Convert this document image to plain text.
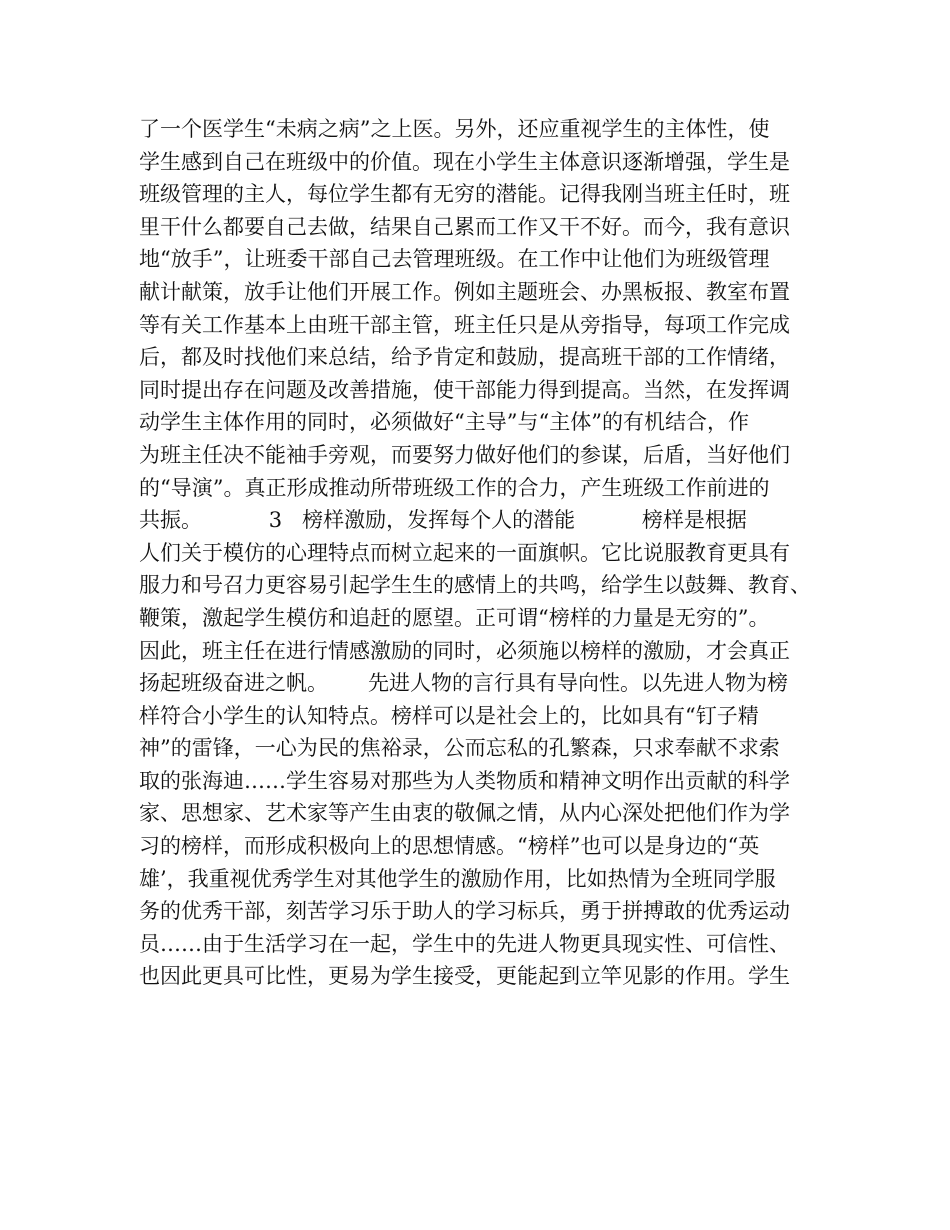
了一个医学生“未病之病”之上医。另外，还应重视学生的主体性，使
学生感到自己在班级中的价值。现在小学生主体意识逐渐增强，学生是
班级管理的主人，每位学生都有无穷的潜能。记得我刚当班主任时，班
里干什么都要自己去做，结果自己累而工作又干不好。而今，我有意识
地“放手”，让班委干部自己去管理班级。在工作中让他们为班级管理
献计献策，放手让他们开展工作。例如主题班会、办黑板报、教室布置
等有关工作基本上由班干部主管，班主任只是从旁指导，每项工作完成
后，都及时找他们来总结，给予肯定和鼓励，提高班干部的工作情绪，
同时提出存在问题及改善措施，使干部能力得到提高。当然，在发挥调
动学生主体作用的同时，必须做好“主导”与“主体”的有机结合，作
为班主任决不能袖手旁观，而要努力做好他们的参谋，后盾，当好他们
的“导演”。真正形成推动所带班级工作的合力，产生班级工作前进的
共振。          3   榜样激励，发挥每个人的潜能          榜样是根据
人们关于模仿的心理特点而树立起来的一面旗帜。它比说服教育更具有
服力和号召力更容易引起学生生的感情上的共鸣，给学生以鼓舞、教育、
鞭策，激起学生模仿和追赶的愿望。正可谓“榜样的力量是无穷的”。
因此，班主任在进行情感激励的同时，必须施以榜样的激励，才会真正
扬起班级奋进之帆。      先进人物的言行具有导向性。以先进人物为榜
样符合小学生的认知特点。榜样可以是社会上的，比如具有“钉子精
神”的雷锋，一心为民的焦裕录，公而忘私的孔繁森，只求奉献不求索
取的张海迪……学生容易对那些为人类物质和精神文明作出贡献的科学
家、思想家、艺术家等产生由衷的敬佩之情，从内心深处把他们作为学
习的榜样，而形成积极向上的思想情感。“榜样”也可以是身边的“英
雄’，我重视优秀学生对其他学生的激励作用，比如热情为全班同学服
务的优秀干部，刻苦学习乐于助人的学习标兵，勇于拼搏敢的优秀运动
员……由于生活学习在一起，学生中的先进人物更具现实性、可信性、
也因此更具可比性，更易为学生接受，更能起到立竿见影的作用。学生
